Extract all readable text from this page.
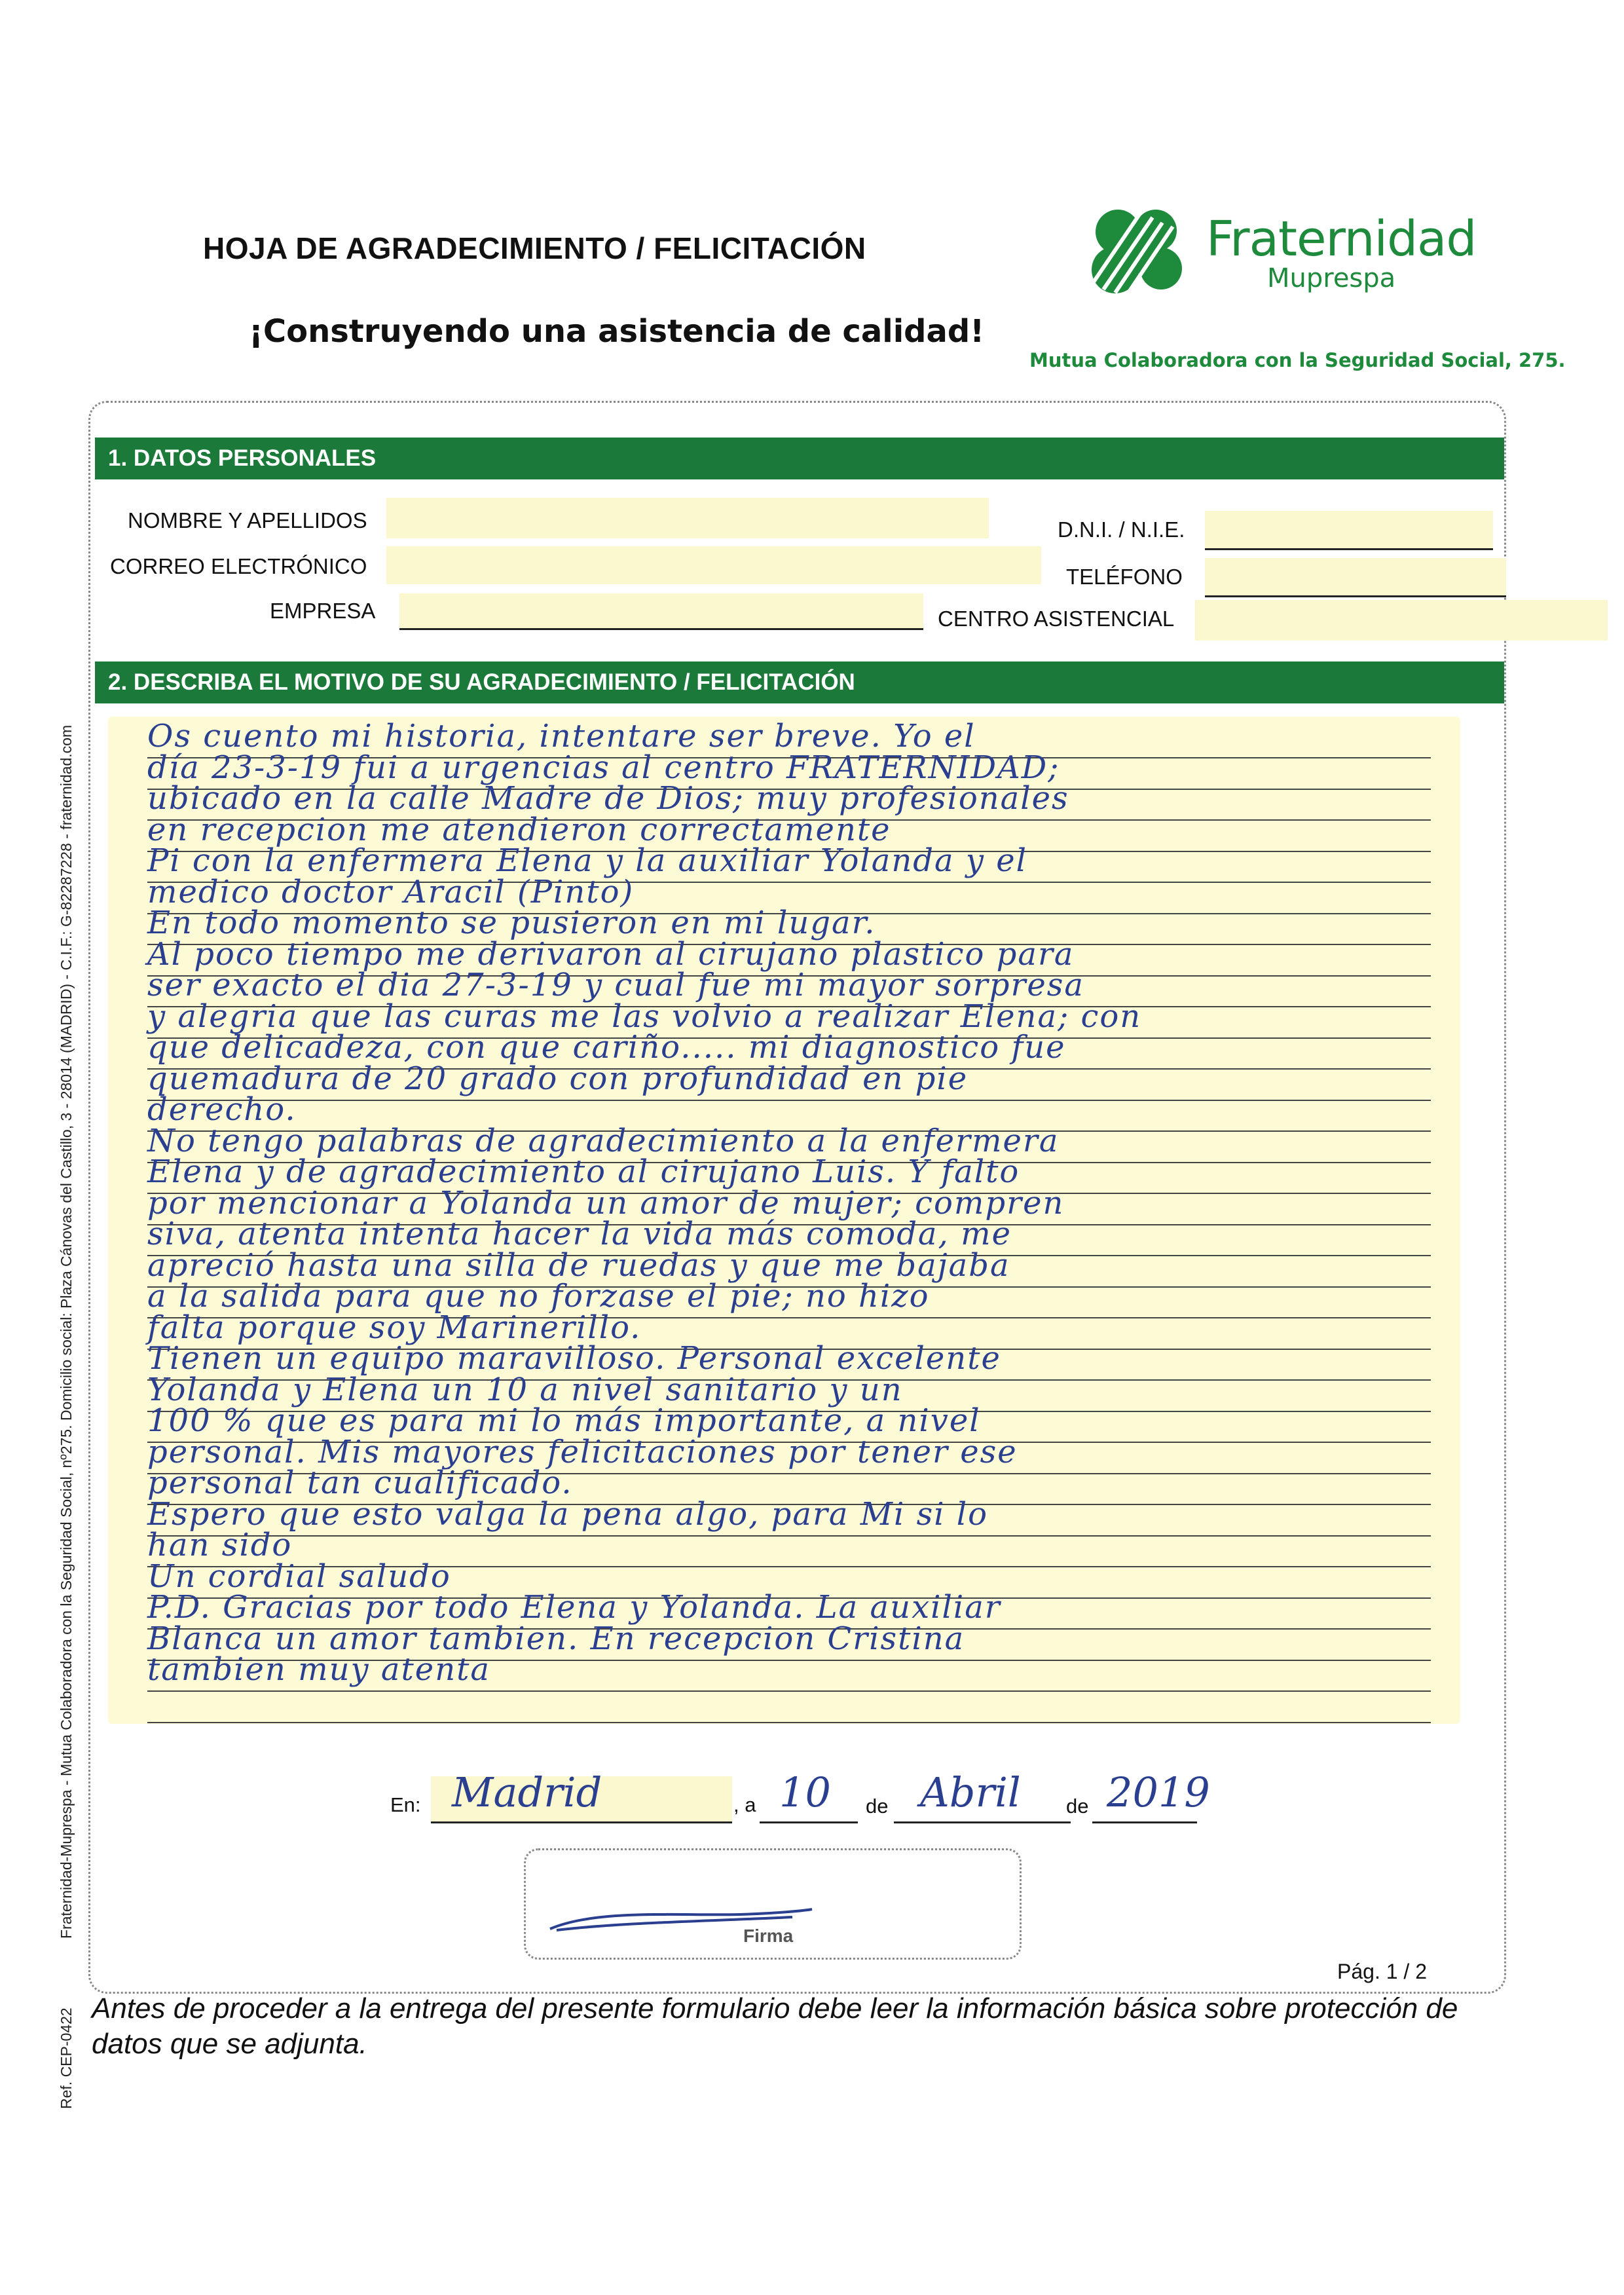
HOJA DE AGRADECIMIENTO / FELICITACIÓN
¡Construyendo una asistencia de calidad!
Fraternidad
Muprespa
Mutua Colaboradora con la Seguridad Social, 275.
Fraternidad-Muprespa - Mutua Colaboradora con la Seguridad Social, nº275. Domicilio social: Plaza Cánovas del Castillo, 3 - 28014 (MADRID) - C.I.F.: G-82287228 - fraternidad.com
Ref. CEP-0422
1. DATOS PERSONALES
NOMBRE Y APELLIDOS
CORREO ELECTRÓNICO
EMPRESA
D.N.I. / N.I.E.
TELÉFONO
CENTRO ASISTENCIAL
2. DESCRIBA EL MOTIVO DE SU AGRADECIMIENTO / FELICITACIÓN
Os cuento mi historia, intentare ser breve. Yo el
día 23-3-19 fui a urgencias al centro FRATERNIDAD;
ubicado en la calle Madre de Dios; muy profesionales
en recepcion me atendieron correctamente
Pi con la enfermera Elena y la auxiliar Yolanda y el
medico doctor Aracil (Pinto)
En todo momento se pusieron en mi lugar.
Al poco tiempo me derivaron al cirujano plastico para
ser exacto el dia 27-3-19 y cual fue mi mayor sorpresa
y alegria que las curas me las volvio a realizar Elena; con
que delicadeza, con que cariño..... mi diagnostico fue
quemadura de 20 grado con profundidad en pie
derecho.
No tengo palabras de agradecimiento a la enfermera
Elena y de agradecimiento al cirujano Luis. Y falto
por mencionar a Yolanda un amor de mujer; compren
siva, atenta intenta hacer la vida más comoda, me
apreció hasta una silla de ruedas y que me bajaba
a la salida para que no forzase el pie; no hizo
falta porque soy Marinerillo.
Tienen un equipo maravilloso. Personal excelente
Yolanda y Elena un 10 a nivel sanitario y un
100 % que es para mi lo más importante, a nivel
personal. Mis mayores felicitaciones por tener ese
personal tan cualificado.
Espero que esto valga la pena algo, para Mi si lo
han sido
Un cordial saludo
P.D. Gracias por todo Elena y Yolanda. La auxiliar
Blanca un amor tambien. En recepcion Cristina
tambien muy atenta
En: Madrid	, a 10 de Abril de 2019
Firma
Pág. 1 / 2
Antes de proceder a la entrega del presente formulario debe leer la información básica sobre protección de datos que se adjunta.
